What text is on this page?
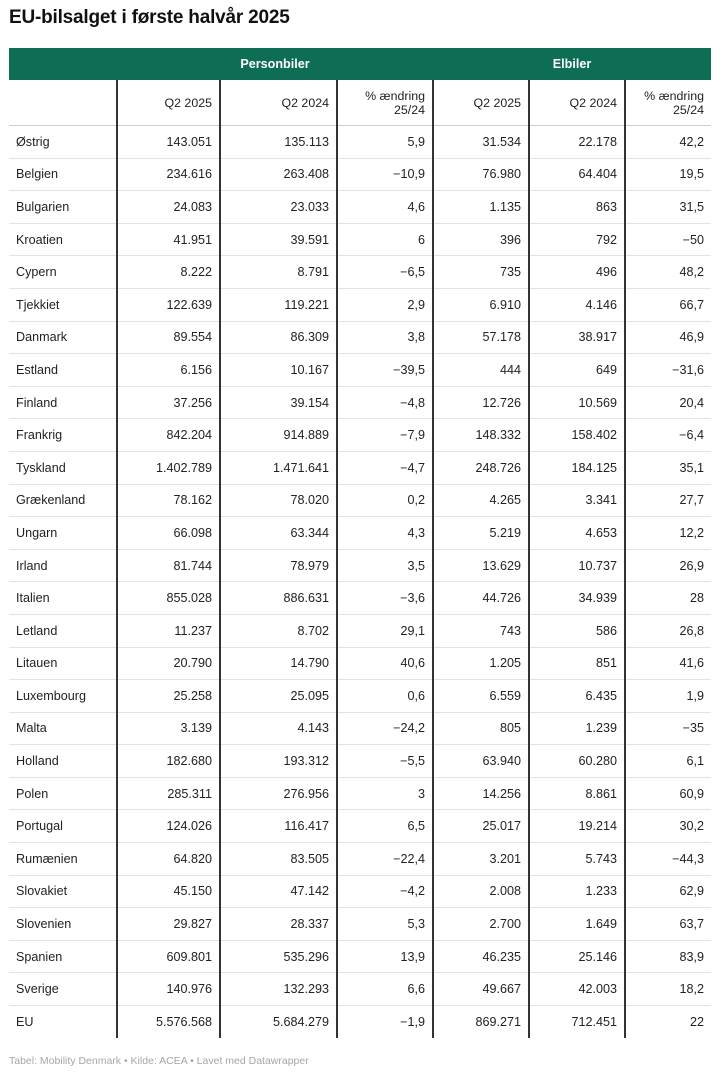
EU-bilsalget i første halvår 2025
	Personbiler			Elbiler		
	Q2 2025	Q2 2024	% ændring 25/24	Q2 2025	Q2 2024	% ændring 25/24
Østrig	143.051	135.113	5,9	31.534	22.178	42,2
Belgien	234.616	263.408	−10,9	76.980	64.404	19,5
Bulgarien	24.083	23.033	4,6	1.135	863	31,5
Kroatien	41.951	39.591	6	396	792	−50
Cypern	8.222	8.791	−6,5	735	496	48,2
Tjekkiet	122.639	119.221	2,9	6.910	4.146	66,7
Danmark	89.554	86.309	3,8	57.178	38.917	46,9
Estland	6.156	10.167	−39,5	444	649	−31,6
Finland	37.256	39.154	−4,8	12.726	10.569	20,4
Frankrig	842.204	914.889	−7,9	148.332	158.402	−6,4
Tyskland	1.402.789	1.471.641	−4,7	248.726	184.125	35,1
Grækenland	78.162	78.020	0,2	4.265	3.341	27,7
Ungarn	66.098	63.344	4,3	5.219	4.653	12,2
Irland	81.744	78.979	3,5	13.629	10.737	26,9
Italien	855.028	886.631	−3,6	44.726	34.939	28
Letland	11.237	8.702	29,1	743	586	26,8
Litauen	20.790	14.790	40,6	1.205	851	41,6
Luxembourg	25.258	25.095	0,6	6.559	6.435	1,9
Malta	3.139	4.143	−24,2	805	1.239	−35
Holland	182.680	193.312	−5,5	63.940	60.280	6,1
Polen	285.311	276.956	3	14.256	8.861	60,9
Portugal	124.026	116.417	6,5	25.017	19.214	30,2
Rumænien	64.820	83.505	−22,4	3.201	5.743	−44,3
Slovakiet	45.150	47.142	−4,2	2.008	1.233	62,9
Slovenien	29.827	28.337	5,3	2.700	1.649	63,7
Spanien	609.801	535.296	13,9	46.235	25.146	83,9
Sverige	140.976	132.293	6,6	49.667	42.003	18,2
EU	5.576.568	5.684.279	−1,9	869.271	712.451	22
Tabel: Mobility Denmark • Kilde: ACEA • Lavet med Datawrapper
